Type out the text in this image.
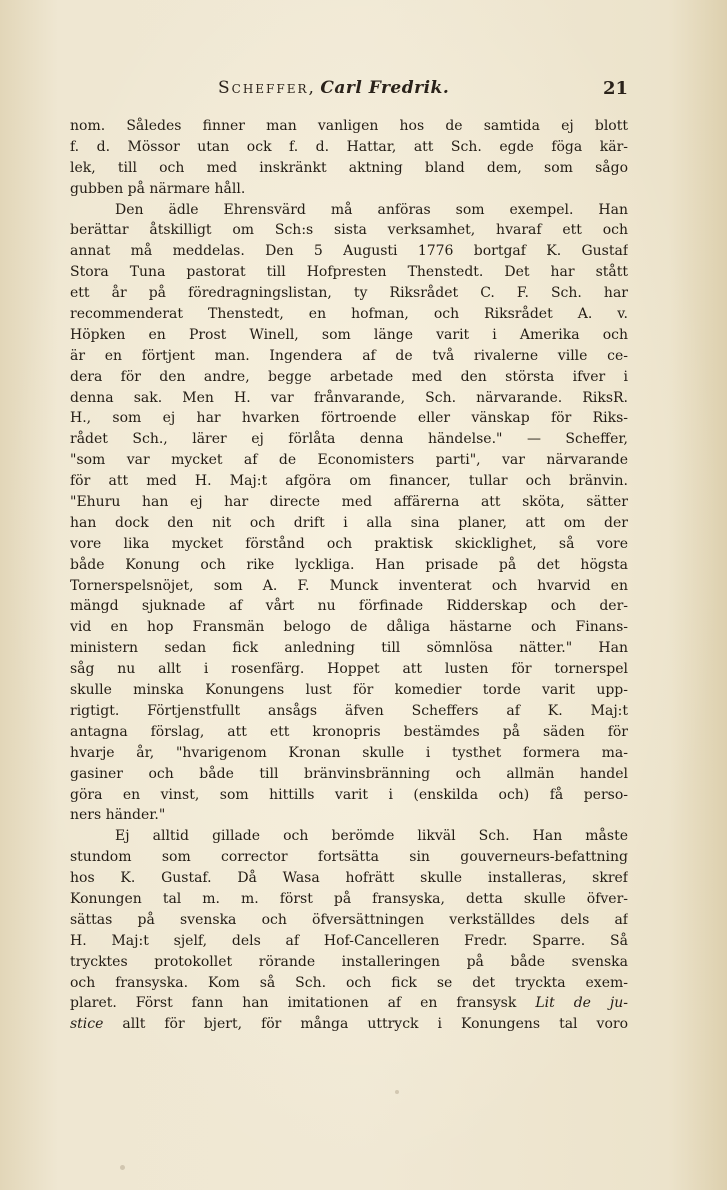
Scheffer, Carl Fredrik.	21
nom. Således finner man vanligen hos de samtida ej blott
f. d. Mössor utan ock f. d. Hattar, att Sch. egde föga kär-
lek, till och med inskränkt aktning bland dem, som sågo
gubben på närmare håll.
Den ädle Ehrensvärd må anföras som exempel. Han
berättar åtskilligt om Sch:s sista verksamhet, hvaraf ett och
annat må meddelas. Den 5 Augusti 1776 bortgaf K. Gustaf
Stora Tuna pastorat till Hofpresten Thenstedt. Det har stått
ett år på föredragningslistan, ty Riksrådet C. F. Sch. har
recommenderat Thenstedt, en hofman, och Riksrådet A. v.
Höpken en Prost Winell, som länge varit i Amerika och
är en förtjent man. Ingendera af de två rivalerne ville ce-
dera för den andre, begge arbetade med den största ifver i
denna sak. Men H. var frånvarande, Sch. närvarande. RiksR.
H., som ej har hvarken förtroende eller vänskap för Riks-
rådet Sch., lärer ej förlåta denna händelse." — Scheffer,
"som var mycket af de Economisters parti", var närvarande
för att med H. Maj:t afgöra om financer, tullar och bränvin.
"Ehuru han ej har directe med affärerna att sköta, sätter
han dock den nit och drift i alla sina planer, att om der
vore lika mycket förstånd och praktisk skicklighet, så vore
både Konung och rike lyckliga. Han prisade på det högsta
Tornerspelsnöjet, som A. F. Munck inventerat och hvarvid en
mängd sjuknade af vårt nu förfinade Ridderskap och der-
vid en hop Fransmän belogo de dåliga hästarne och Finans-
ministern sedan fick anledning till sömnlösa nätter." Han
såg nu allt i rosenfärg. Hoppet att lusten för tornerspel
skulle minska Konungens lust för komedier torde varit upp-
rigtigt. Förtjenstfullt ansågs äfven Scheffers af K. Maj:t
antagna förslag, att ett kronopris bestämdes på säden för
hvarje år, "hvarigenom Kronan skulle i tysthet formera ma-
gasiner och både till bränvinsbränning och allmän handel
göra en vinst, som hittills varit i (enskilda och) få perso-
ners händer."
Ej alltid gillade och berömde likväl Sch. Han måste
stundom som corrector fortsätta sin gouverneurs-befattning
hos K. Gustaf. Då Wasa hofrätt skulle installeras, skref
Konungen tal m. m. först på fransyska, detta skulle öfver-
sättas på svenska och öfversättningen verkställdes dels af
H. Maj:t sjelf, dels af Hof-Cancelleren Fredr. Sparre. Så
trycktes protokollet rörande installeringen på både svenska
och fransyska. Kom så Sch. och fick se det tryckta exem-
plaret. Först fann han imitationen af en fransysk Lit de ju-
stice allt för bjert, för många uttryck i Konungens tal voro
